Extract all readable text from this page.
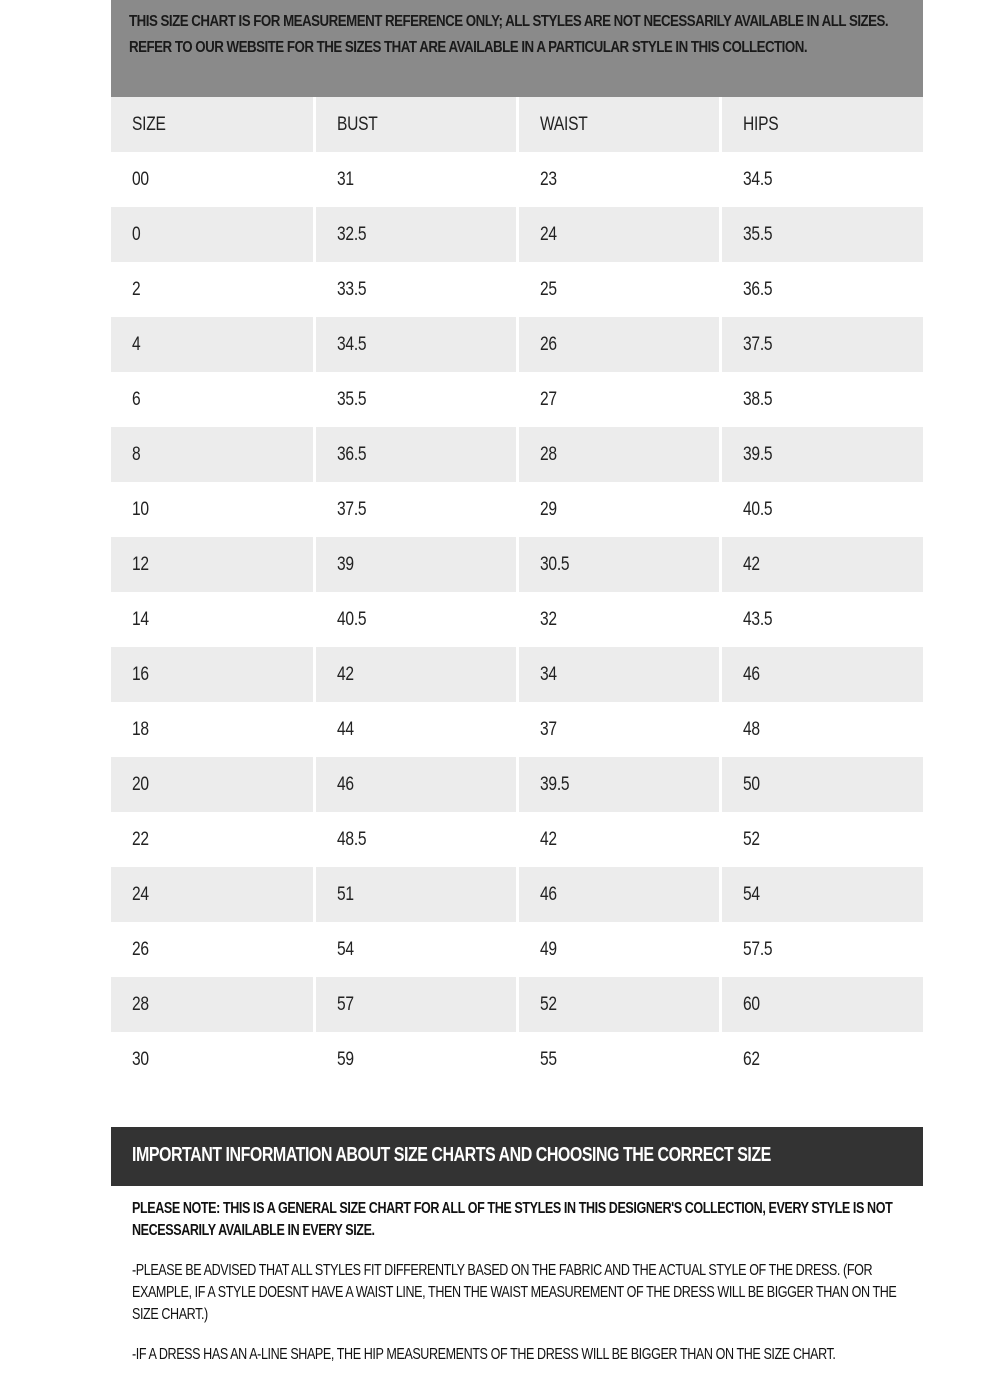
THIS SIZE CHART IS FOR MEASUREMENT REFERENCE ONLY; ALL STYLES ARE NOT NECESSARILY AVAILABLE IN ALL SIZES. REFER TO OUR WEBSITE FOR THE SIZES THAT ARE AVAILABLE IN A PARTICULAR STYLE IN THIS COLLECTION.
SIZE	BUST	WAIST	HIPS
00	31	23	34.5
0	32.5	24	35.5
2	33.5	25	36.5
4	34.5	26	37.5
6	35.5	27	38.5
8	36.5	28	39.5
10	37.5	29	40.5
12	39	30.5	42
14	40.5	32	43.5
16	42	34	46
18	44	37	48
20	46	39.5	50
22	48.5	42	52
24	51	46	54
26	54	49	57.5
28	57	52	60
30	59	55	62
IMPORTANT INFORMATION ABOUT SIZE CHARTS AND CHOOSING THE CORRECT SIZE

PLEASE NOTE: THIS IS A GENERAL SIZE CHART FOR ALL OF THE STYLES IN THIS DESIGNER'S COLLECTION, EVERY STYLE IS NOT NECESSARILY AVAILABLE IN EVERY SIZE.

-PLEASE BE ADVISED THAT ALL STYLES FIT DIFFERENTLY BASED ON THE FABRIC AND THE ACTUAL STYLE OF THE DRESS. (FOR EXAMPLE, IF A STYLE DOESNT HAVE A WAIST LINE, THEN THE WAIST MEASUREMENT OF THE DRESS WILL BE BIGGER THAN ON THE SIZE CHART.)

-IF A DRESS HAS AN A-LINE SHAPE, THE HIP MEASUREMENTS OF THE DRESS WILL BE BIGGER THAN ON THE SIZE CHART.
